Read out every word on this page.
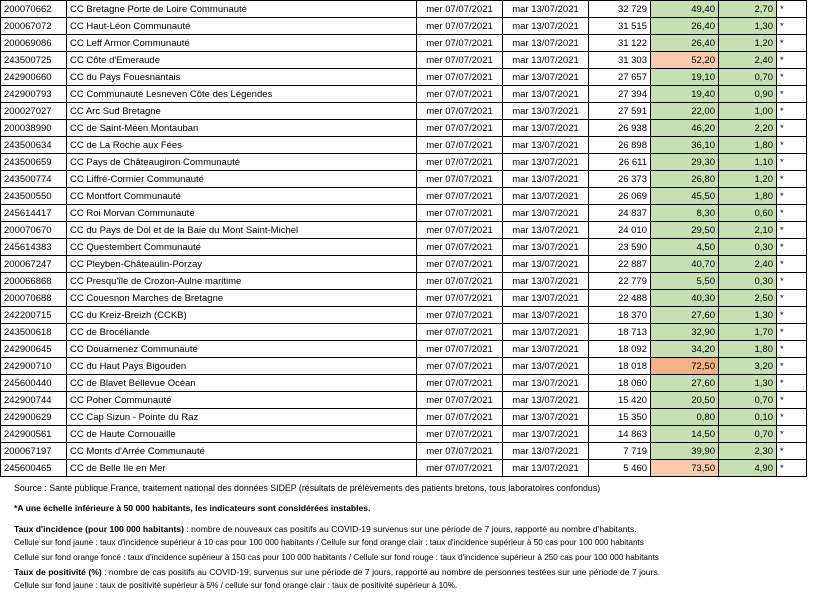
200070662	CC Bretagne Porte de Loire Communauté	mer 07/07/2021	mar 13/07/2021	32 729	49,40	2,70	*
200067072	CC Haut-Léon Communauté	mer 07/07/2021	mar 13/07/2021	31 515	26,40	1,30	*
200069086	CC Leff Armor Communauté	mer 07/07/2021	mar 13/07/2021	31 122	26,40	1,20	*
243500725	CC Côte d'Emeraude	mer 07/07/2021	mar 13/07/2021	31 303	52,20	2,40	*
242900660	CC du Pays Fouesnantais	mer 07/07/2021	mar 13/07/2021	27 657	19,10	0,70	*
242900793	CC Communauté Lesneven Côte des Légendes	mer 07/07/2021	mar 13/07/2021	27 394	19,40	0,90	*
200027027	CC Arc Sud Bretagne	mer 07/07/2021	mar 13/07/2021	27 591	22,00	1,00	*
200038990	CC de Saint-Méen Montauban	mer 07/07/2021	mar 13/07/2021	26 938	46,20	2,20	*
243500634	CC de La Roche aux Fées	mer 07/07/2021	mar 13/07/2021	26 898	36,10	1,80	*
243500659	CC Pays de Châteaugiron Communauté	mer 07/07/2021	mar 13/07/2021	26 611	29,30	1,10	*
243500774	CC Liffré-Cormier Communauté	mer 07/07/2021	mar 13/07/2021	26 373	26,80	1,20	*
243500550	CC Montfort Communauté	mer 07/07/2021	mar 13/07/2021	26 069	45,50	1,80	*
245614417	CC Roi Morvan Communauté	mer 07/07/2021	mar 13/07/2021	24 837	8,30	0,60	*
200070670	CC du Pays de Dol et de la Baie du Mont Saint-Michel	mer 07/07/2021	mar 13/07/2021	24 010	29,50	2,10	*
245614383	CC Questembert Communauté	mer 07/07/2021	mar 13/07/2021	23 590	4,50	0,30	*
200067247	CC Pleyben-Châteaulin-Porzay	mer 07/07/2021	mar 13/07/2021	22 887	40,70	2,40	*
200066868	CC Presqu'île de Crozon-Aulne maritime	mer 07/07/2021	mar 13/07/2021	22 779	5,50	0,30	*
200070688	CC Couesnon Marches de Bretagne	mer 07/07/2021	mar 13/07/2021	22 488	40,30	2,50	*
242200715	CC du Kreiz-Breizh (CCKB)	mer 07/07/2021	mar 13/07/2021	18 370	27,60	1,30	*
243500618	CC de Brocéliande	mer 07/07/2021	mar 13/07/2021	18 713	32,90	1,70	*
242900645	CC Douarnenez Communauté	mer 07/07/2021	mar 13/07/2021	18 092	34,20	1,80	*
242900710	CC du Haut Pays Bigouden	mer 07/07/2021	mar 13/07/2021	18 018	72,50	3,20	*
245600440	CC de Blavet Bellevue Océan	mer 07/07/2021	mar 13/07/2021	18 060	27,60	1,30	*
242900744	CC Poher Communauté	mer 07/07/2021	mar 13/07/2021	15 420	20,50	0,70	*
242900629	CC Cap Sizun - Pointe du Raz	mer 07/07/2021	mar 13/07/2021	15 350	0,80	0,10	*
242900561	CC de Haute Cornouaille	mer 07/07/2021	mar 13/07/2021	14 863	14,50	0,70	*
200067197	CC Monts d'Arrée Communauté	mer 07/07/2021	mar 13/07/2021	7 719	39,90	2,30	*
245600465	CC de Belle Ile en Mer	mer 07/07/2021	mar 13/07/2021	5 460	73,50	4,90	*
Source : Santé publique France, traitement national des données SIDEP (résultats de prélèvements des patients bretons, tous laboratoires confondus)
*A une échelle inférieure à 50 000 habitants, les indicateurs sont considérées instables.
Taux d'incidence (pour 100 000 habitants) : nombre de nouveaux cas positifs au COVID-19 survenus sur une période de 7 jours, rapporté au nombre d'habitants.
Cellule sur fond jaune : taux d'incidence supérieur à 10 cas pour 100 000 habitants / Cellule sur fond orange clair : taux d'incidence supérieur à 50 cas pour 100 000 habitants
Cellule sur fond orange foncé : taux d'incidence supérieur à 150 cas pour 100 000 habitants / Cellule sur fond rouge : taux d'incidence supérieur à 250 cas pour 100 000 habitants
Taux de positivité (%) : nombre de cas positifs au COVID-19, survenus sur une période de 7 jours, rapporté au nombre de personnes testées sur une période de 7 jours.
Cellule sur fond jaune : taux de positivité supérieur à 5% / cellule sur fond orange clair : taux de positivité supérieur à 10%.
